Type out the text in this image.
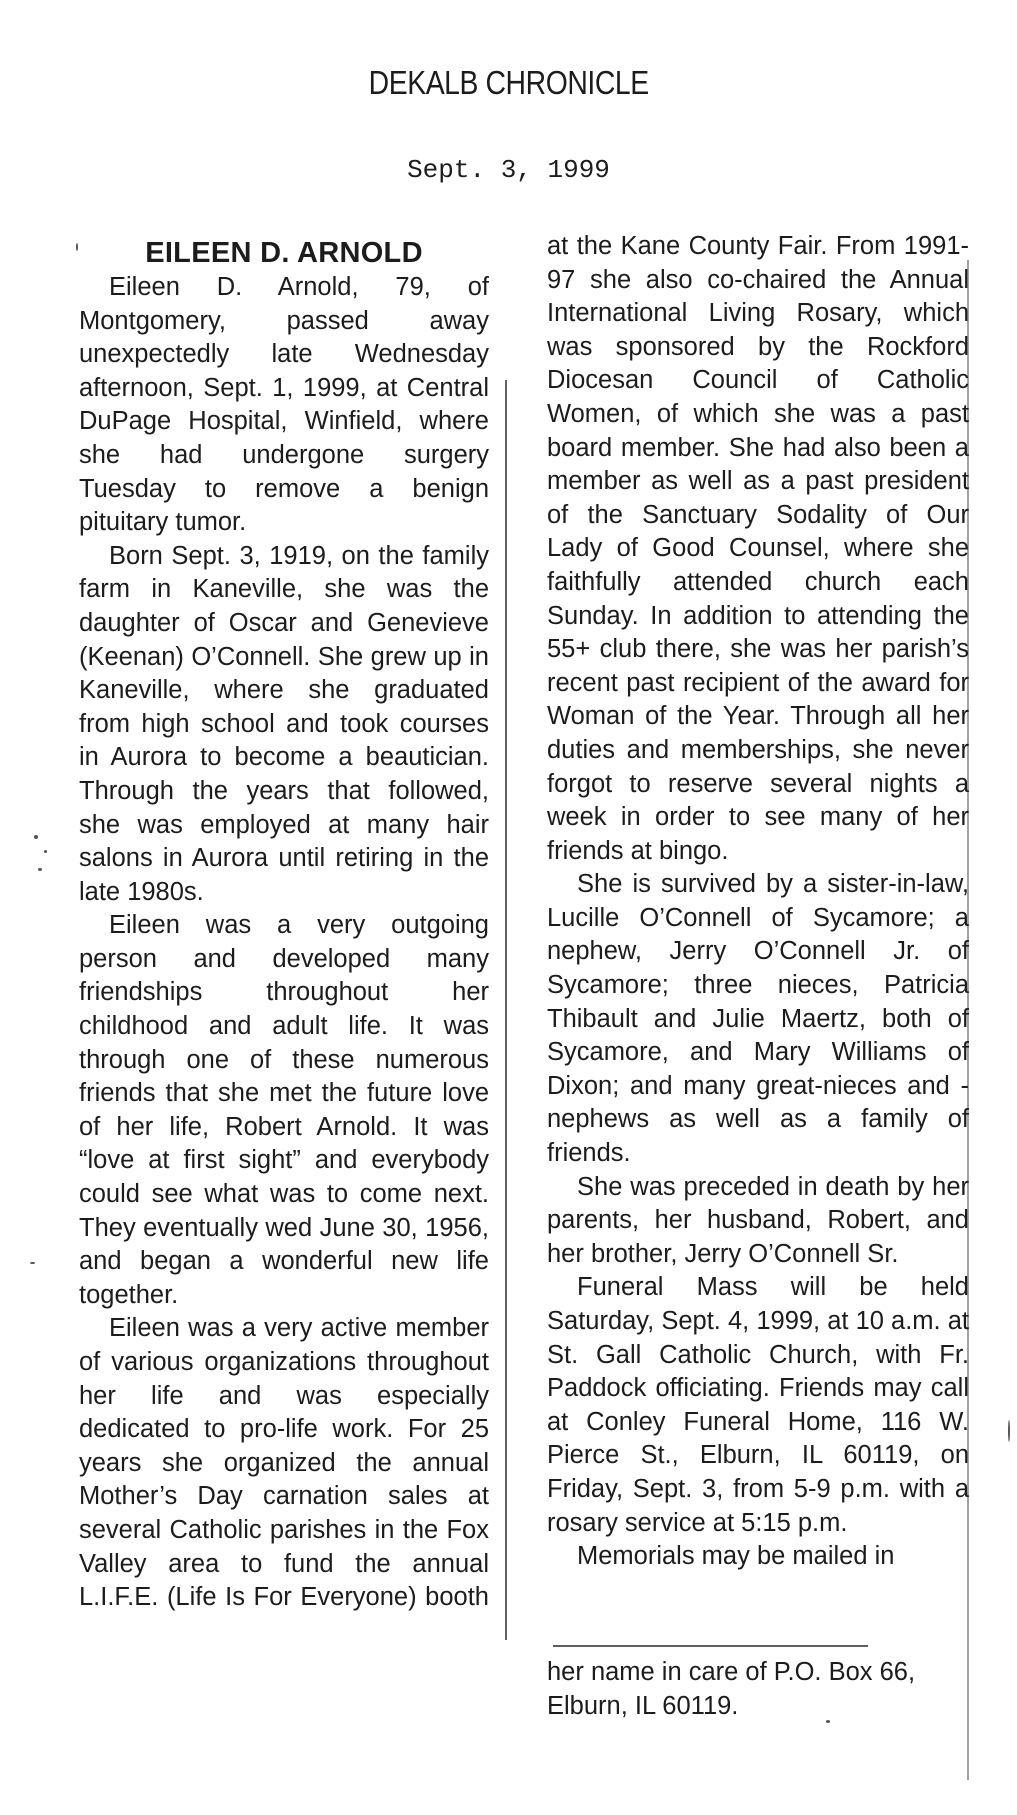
DEKALB CHRONICLE
Sept. 3, 1999
EILEEN D. ARNOLD

Eileen D. Arnold, 79, of Montgomery, passed away unexpectedly late Wednesday afternoon, Sept. 1, 1999, at Central DuPage Hospital, Winfield, where she had undergone surgery Tuesday to remove a benign pituitary tumor.

Born Sept. 3, 1919, on the family farm in Kaneville, she was the daughter of Oscar and Genevieve (Keenan) O’Connell. She grew up in Kaneville, where she graduated from high school and took courses in Aurora to become a beautician. Through the years that followed, she was employed at many hair salons in Aurora until retiring in the late 1980s.

Eileen was a very outgoing person and developed many friendships throughout her childhood and adult life. It was through one of these numerous friends that she met the future love of her life, Robert Arnold. It was “love at first sight” and everybody could see what was to come next. They eventually wed June 30, 1956, and began a wonderful new life together.

Eileen was a very active member of various organizations throughout her life and was especially dedicated to pro-life work. For 25 years she organized the annual Mother’s Day carnation sales at several Catholic parishes in the Fox Valley area to fund the annual L.I.F.E. (Life Is For Everyone) booth

at the Kane County Fair. From 1991-97 she also co-chaired the Annual International Living Rosary, which was sponsored by the Rockford Diocesan Council of Catholic Women, of which she was a past board member. She had also been a member as well as a past president of the Sanctuary Sodality of Our Lady of Good Counsel, where she faithfully attended church each Sunday. In addition to attending the 55+ club there, she was her parish’s recent past recipient of the award for Woman of the Year. Through all her duties and memberships, she never forgot to reserve several nights a week in order to see many of her friends at bingo.

She is survived by a sister-in-law, Lucille O’Connell of Sycamore; a nephew, Jerry O’Connell Jr. of Sycamore; three nieces, Patricia Thibault and Julie Maertz, both of Sycamore, and Mary Williams of Dixon; and many great-nieces and -nephews as well as a family of friends.

She was preceded in death by her parents, her husband, Robert, and her brother, Jerry O’Connell Sr.

Funeral Mass will be held Saturday, Sept. 4, 1999, at 10 a.m. at St. Gall Catholic Church, with Fr. Paddock officiating. Friends may call at Conley Funeral Home, 116 W. Pierce St., Elburn, IL 60119, on Friday, Sept. 3, from 5-9 p.m. with a rosary service at 5:15 p.m.

Memorials may be mailed in

her name in care of P.O. Box 66,

Elburn, IL 60119.
